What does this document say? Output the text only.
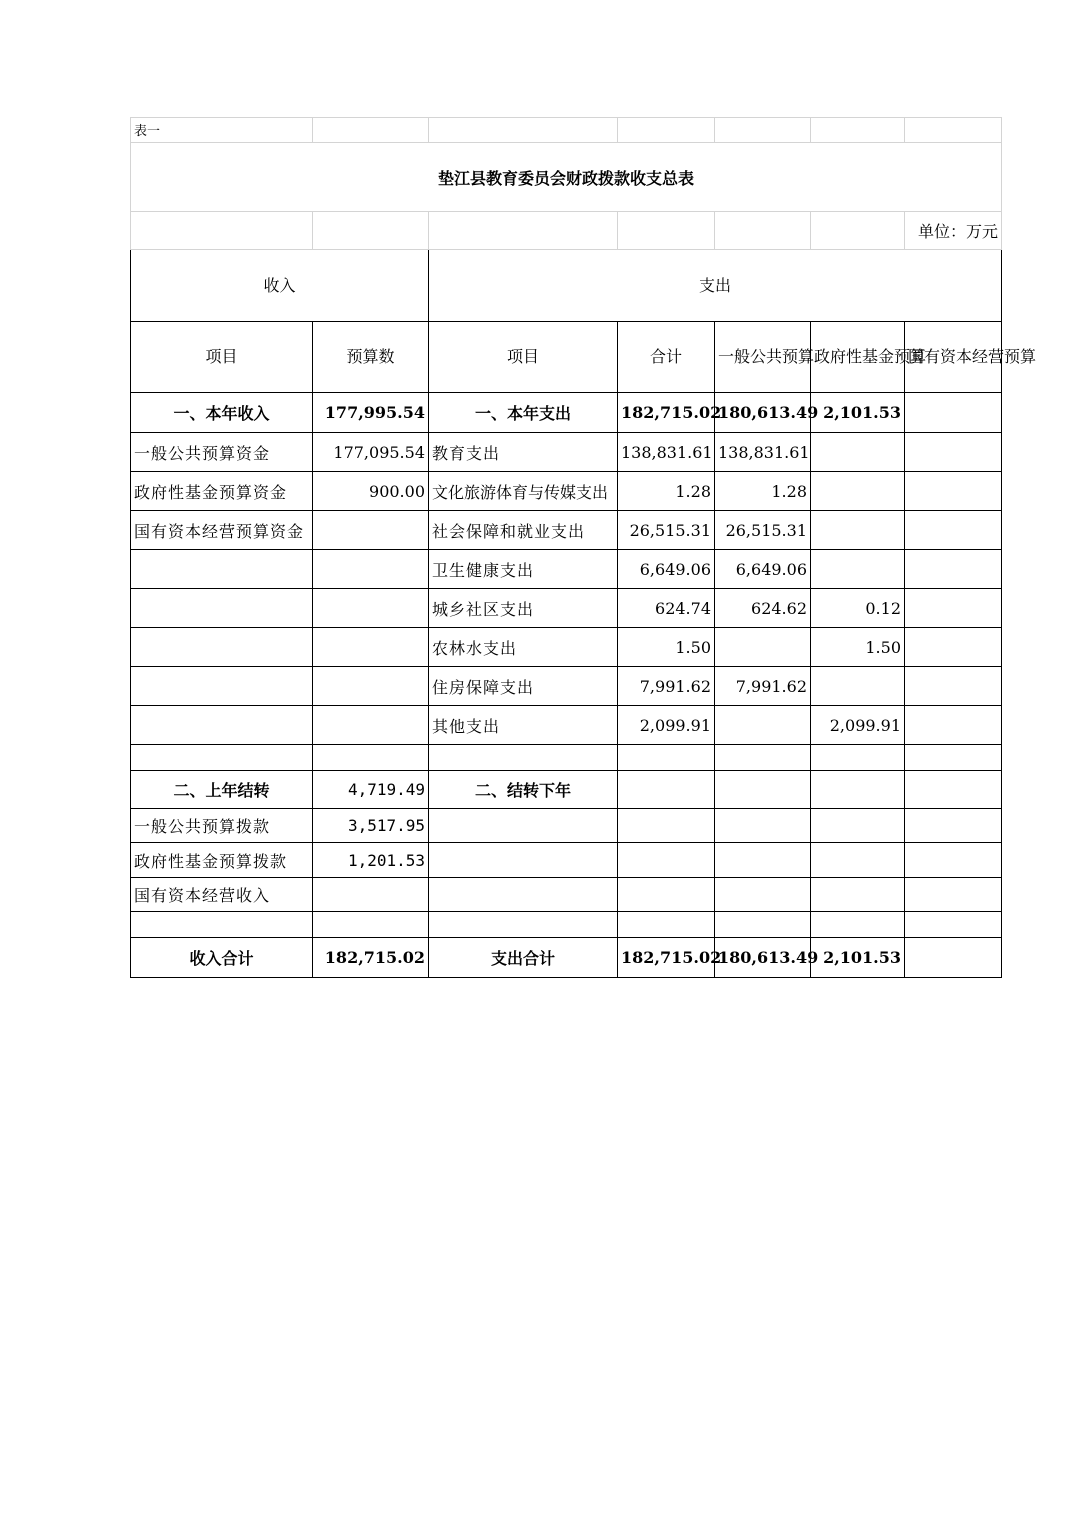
表一						
垫江县教育委员会财政拨款收支总表						
						单位：万元
收入		支出				
项目	预算数	项目	合计	一般公共预算	政府性基金预算	国有资本经营预算
一、本年收入	177,995.54	一、本年支出	182,715.02	180,613.49	2,101.53	
一般公共预算资金	177,095.54	教育支出	138,831.61	138,831.61		
政府性基金预算资金	900.00	文化旅游体育与传媒支出	1.28	1.28		
国有资本经营预算资金		社会保障和就业支出	26,515.31	26,515.31		
		卫生健康支出	6,649.06	6,649.06		
		城乡社区支出	624.74	624.62	0.12	
		农林水支出	1.50		1.50	
		住房保障支出	7,991.62	7,991.62		
		其他支出	2,099.91		2,099.91	

二、上年结转	4,719.49	二、结转下年				
一般公共预算拨款	3,517.95					
政府性基金预算拨款	1,201.53					
国有资本经营收入						

收入合计	182,715.02	支出合计	182,715.02	180,613.49	2,101.53	
